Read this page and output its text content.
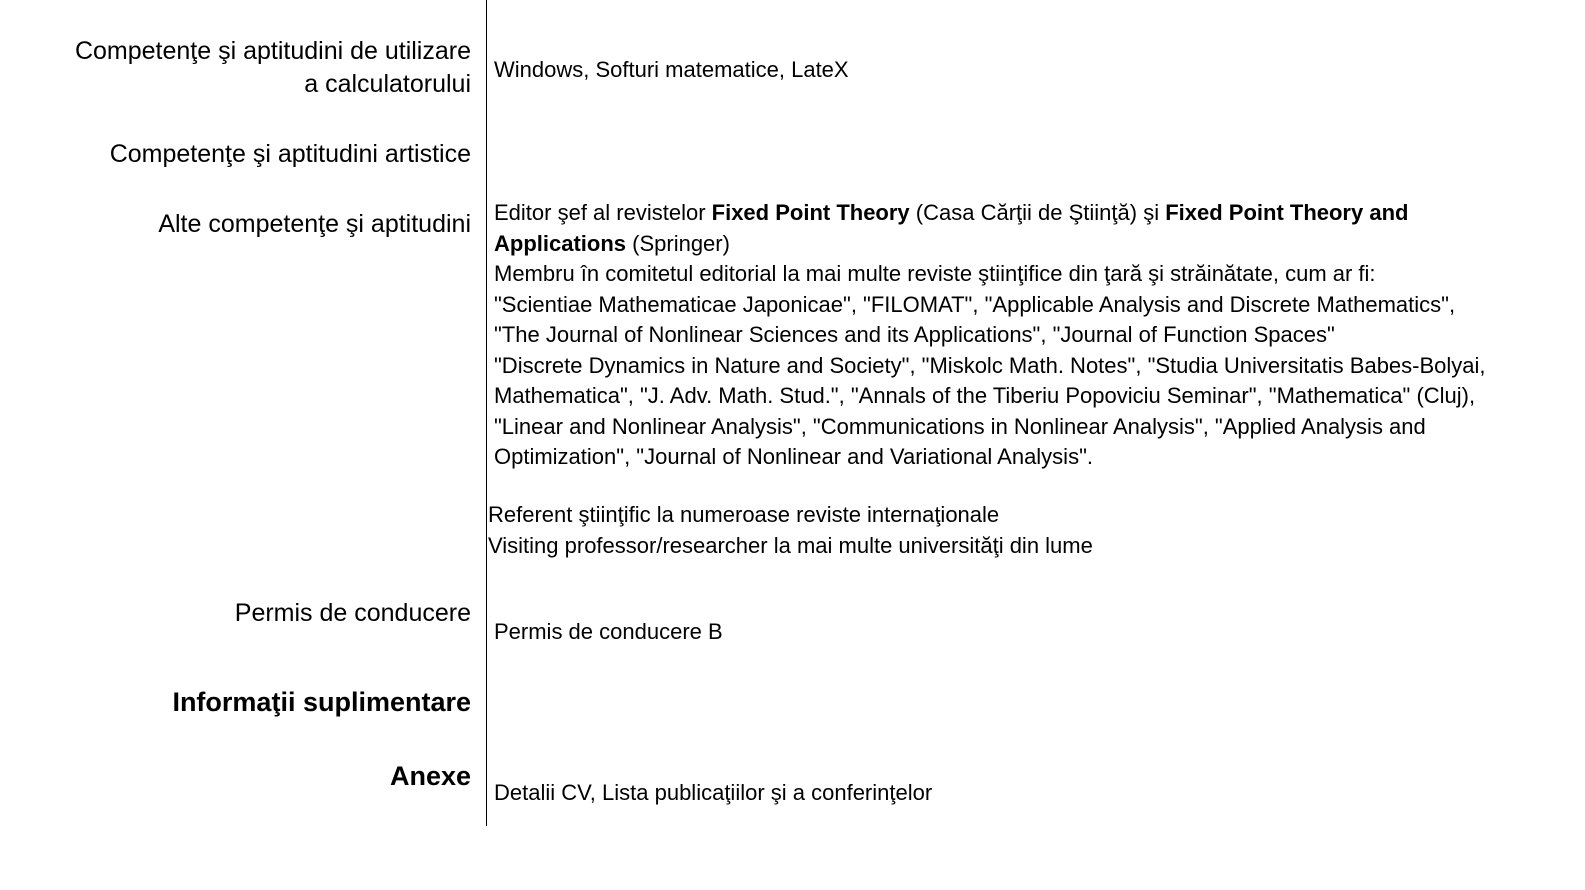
Competenţe şi aptitudini de utilizare
a calculatorului
Windows, Softuri matematice, LateX
Competenţe şi aptitudini artistice
Alte competenţe şi aptitudini Editor şef al revistelor Fixed Point Theory (Casa Cărţii de Ştiinţă) şi Fixed Point Theory and
Applications (Springer)
Membru în comitetul editorial la mai multe reviste ştiinţifice din ţară şi străinătate, cum ar fi:
"Scientiae Mathematicae Japonicae", "FILOMAT", "Applicable Analysis and Discrete Mathematics",
"The Journal of Nonlinear Sciences and its Applications", "Journal of Function Spaces"
"Discrete Dynamics in Nature and Society", "Miskolc Math. Notes", "Studia Universitatis Babes-Bolyai,
Mathematica", "J. Adv. Math. Stud.", "Annals of the Tiberiu Popoviciu Seminar", "Mathematica" (Cluj),
"Linear and Nonlinear Analysis", "Communications in Nonlinear Analysis", "Applied Analysis and
Optimization", "Journal of Nonlinear and Variational Analysis".
Referent ştiinţific la numeroase reviste internaţionale
Visiting professor/researcher la mai multe universităţi din lume
Permis de conducere
Permis de conducere B
Informaţii suplimentare
Anexe
Detalii CV, Lista publicaţiilor şi a conferinţelor
